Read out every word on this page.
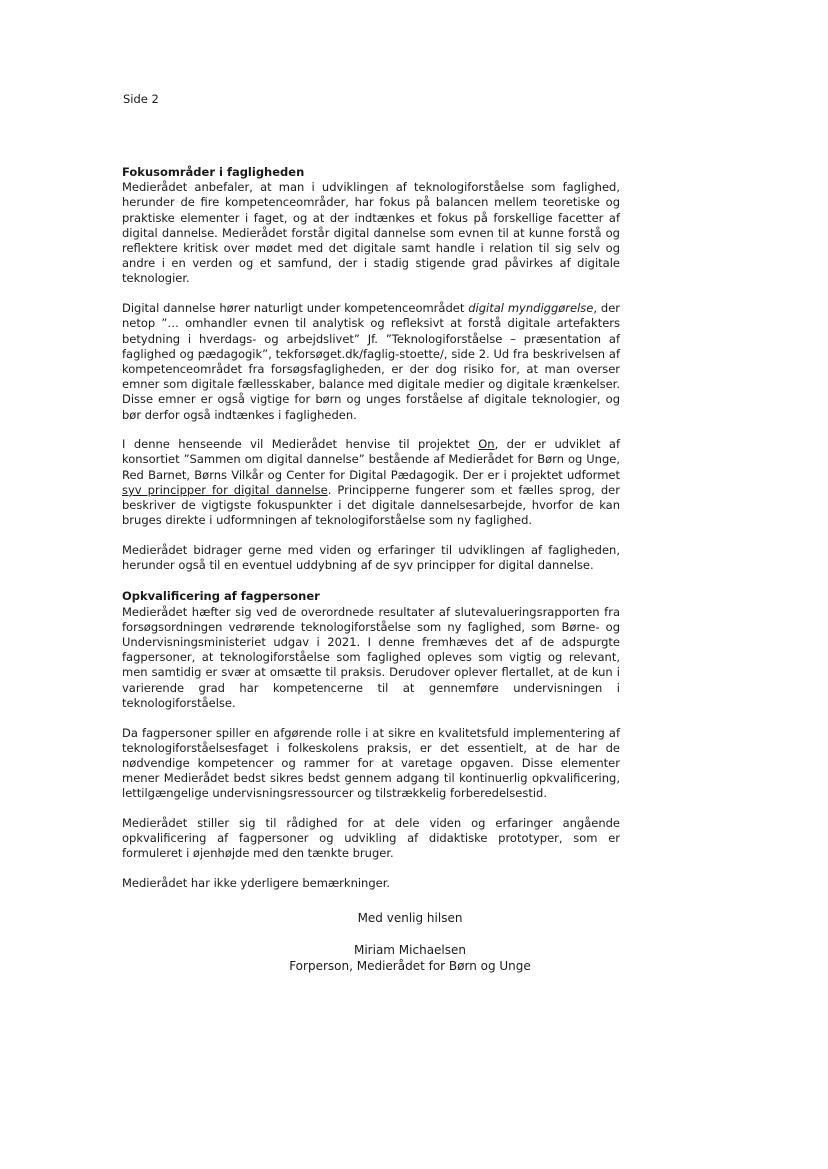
Side 2
Fokusområder i fagligheden

Medierådet anbefaler, at man i udviklingen af teknologiforståelse som faglighed, herunder de fire kompetenceområder, har fokus på balancen mellem teoretiske og praktiske elementer i faget, og at der indtænkes et fokus på forskellige facetter af digital dannelse. Medierådet forstår digital dannelse som evnen til at kunne forstå og reflektere kritisk over mødet med det digitale samt handle i relation til sig selv og andre i en verden og et samfund, der i stadig stigende grad påvirkes af digitale teknologier.

Digital dannelse hører naturligt under kompetenceområdet digital myndiggørelse, der netop ”… omhandler evnen til analytisk og refleksivt at forstå digitale artefakters betydning i hverdags- og arbejdslivet” Jf. ”Teknologiforståelse – præsentation af faglighed og pædagogik”, tekforsøget.dk/faglig-stoette/, side 2. Ud fra beskrivelsen af kompetenceområdet fra forsøgsfagligheden, er der dog risiko for, at man overser emner som digitale fællesskaber, balance med digitale medier og digitale krænkelser. Disse emner er også vigtige for børn og unges forståelse af digitale teknologier, og bør derfor også indtænkes i fagligheden.

I denne henseende vil Medierådet henvise til projektet On, der er udviklet af konsortiet ”Sammen om digital dannelse” bestående af Medierådet for Børn og Unge, Red Barnet, Børns Vilkår og Center for Digital Pædagogik. Der er i projektet udformet syv principper for digital dannelse. Principperne fungerer som et fælles sprog, der beskriver de vigtigste fokuspunkter i det digitale dannelsesarbejde, hvorfor de kan bruges direkte i udformningen af teknologiforståelse som ny faglighed.

Medierådet bidrager gerne med viden og erfaringer til udviklingen af fagligheden, herunder også til en eventuel uddybning af de syv principper for digital dannelse.

Opkvalificering af fagpersoner

Medierådet hæfter sig ved de overordnede resultater af slutevalueringsrapporten fra forsøgsordningen vedrørende teknologiforståelse som ny faglighed, som Børne- og Undervisningsministeriet udgav i 2021. I denne fremhæves det af de adspurgte fagpersoner, at teknologiforståelse som faglighed opleves som vigtig og relevant, men samtidig er svær at omsætte til praksis. Derudover oplever flertallet, at de kun i varierende grad har kompetencerne til at gennemføre undervisningen i teknologiforståelse.

Da fagpersoner spiller en afgørende rolle i at sikre en kvalitetsfuld implementering af teknologiforståelsesfaget i folkeskolens praksis, er det essentielt, at de har de nødvendige kompetencer og rammer for at varetage opgaven. Disse elementer mener Medierådet bedst sikres bedst gennem adgang til kontinuerlig opkvalificering, lettilgængelige undervisningsressourcer og tilstrækkelig forberedelsestid.

Medierådet stiller sig til rådighed for at dele viden og erfaringer angående opkvalificering af fagpersoner og udvikling af didaktiske prototyper, som er formuleret i øjenhøjde med den tænkte bruger.

Medierådet har ikke yderligere bemærkninger.

Med venlig hilsen
Miriam Michaelsen
Forperson, Medierådet for Børn og Unge
